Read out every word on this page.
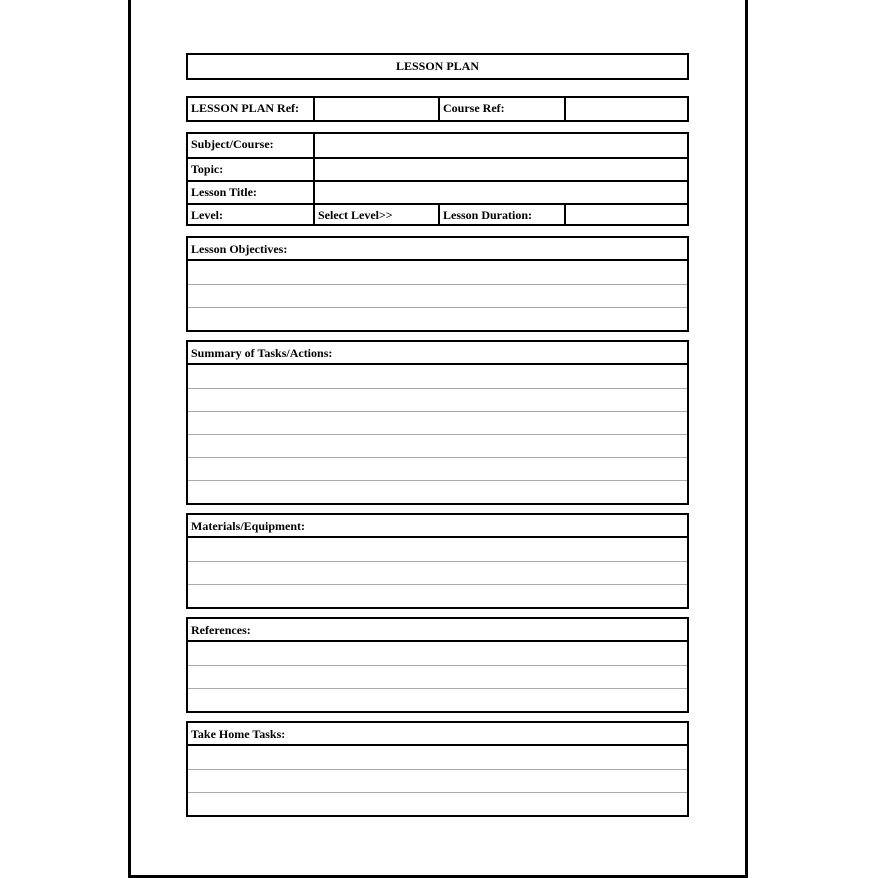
LESSON PLAN
LESSON PLAN Ref:	Course Ref:
Subject/Course:
Topic:
Lesson Title:
Level:	Select Level>>	Lesson Duration:
Lesson Objectives:
Summary of Tasks/Actions:
Materials/Equipment:
References:
Take Home Tasks:
